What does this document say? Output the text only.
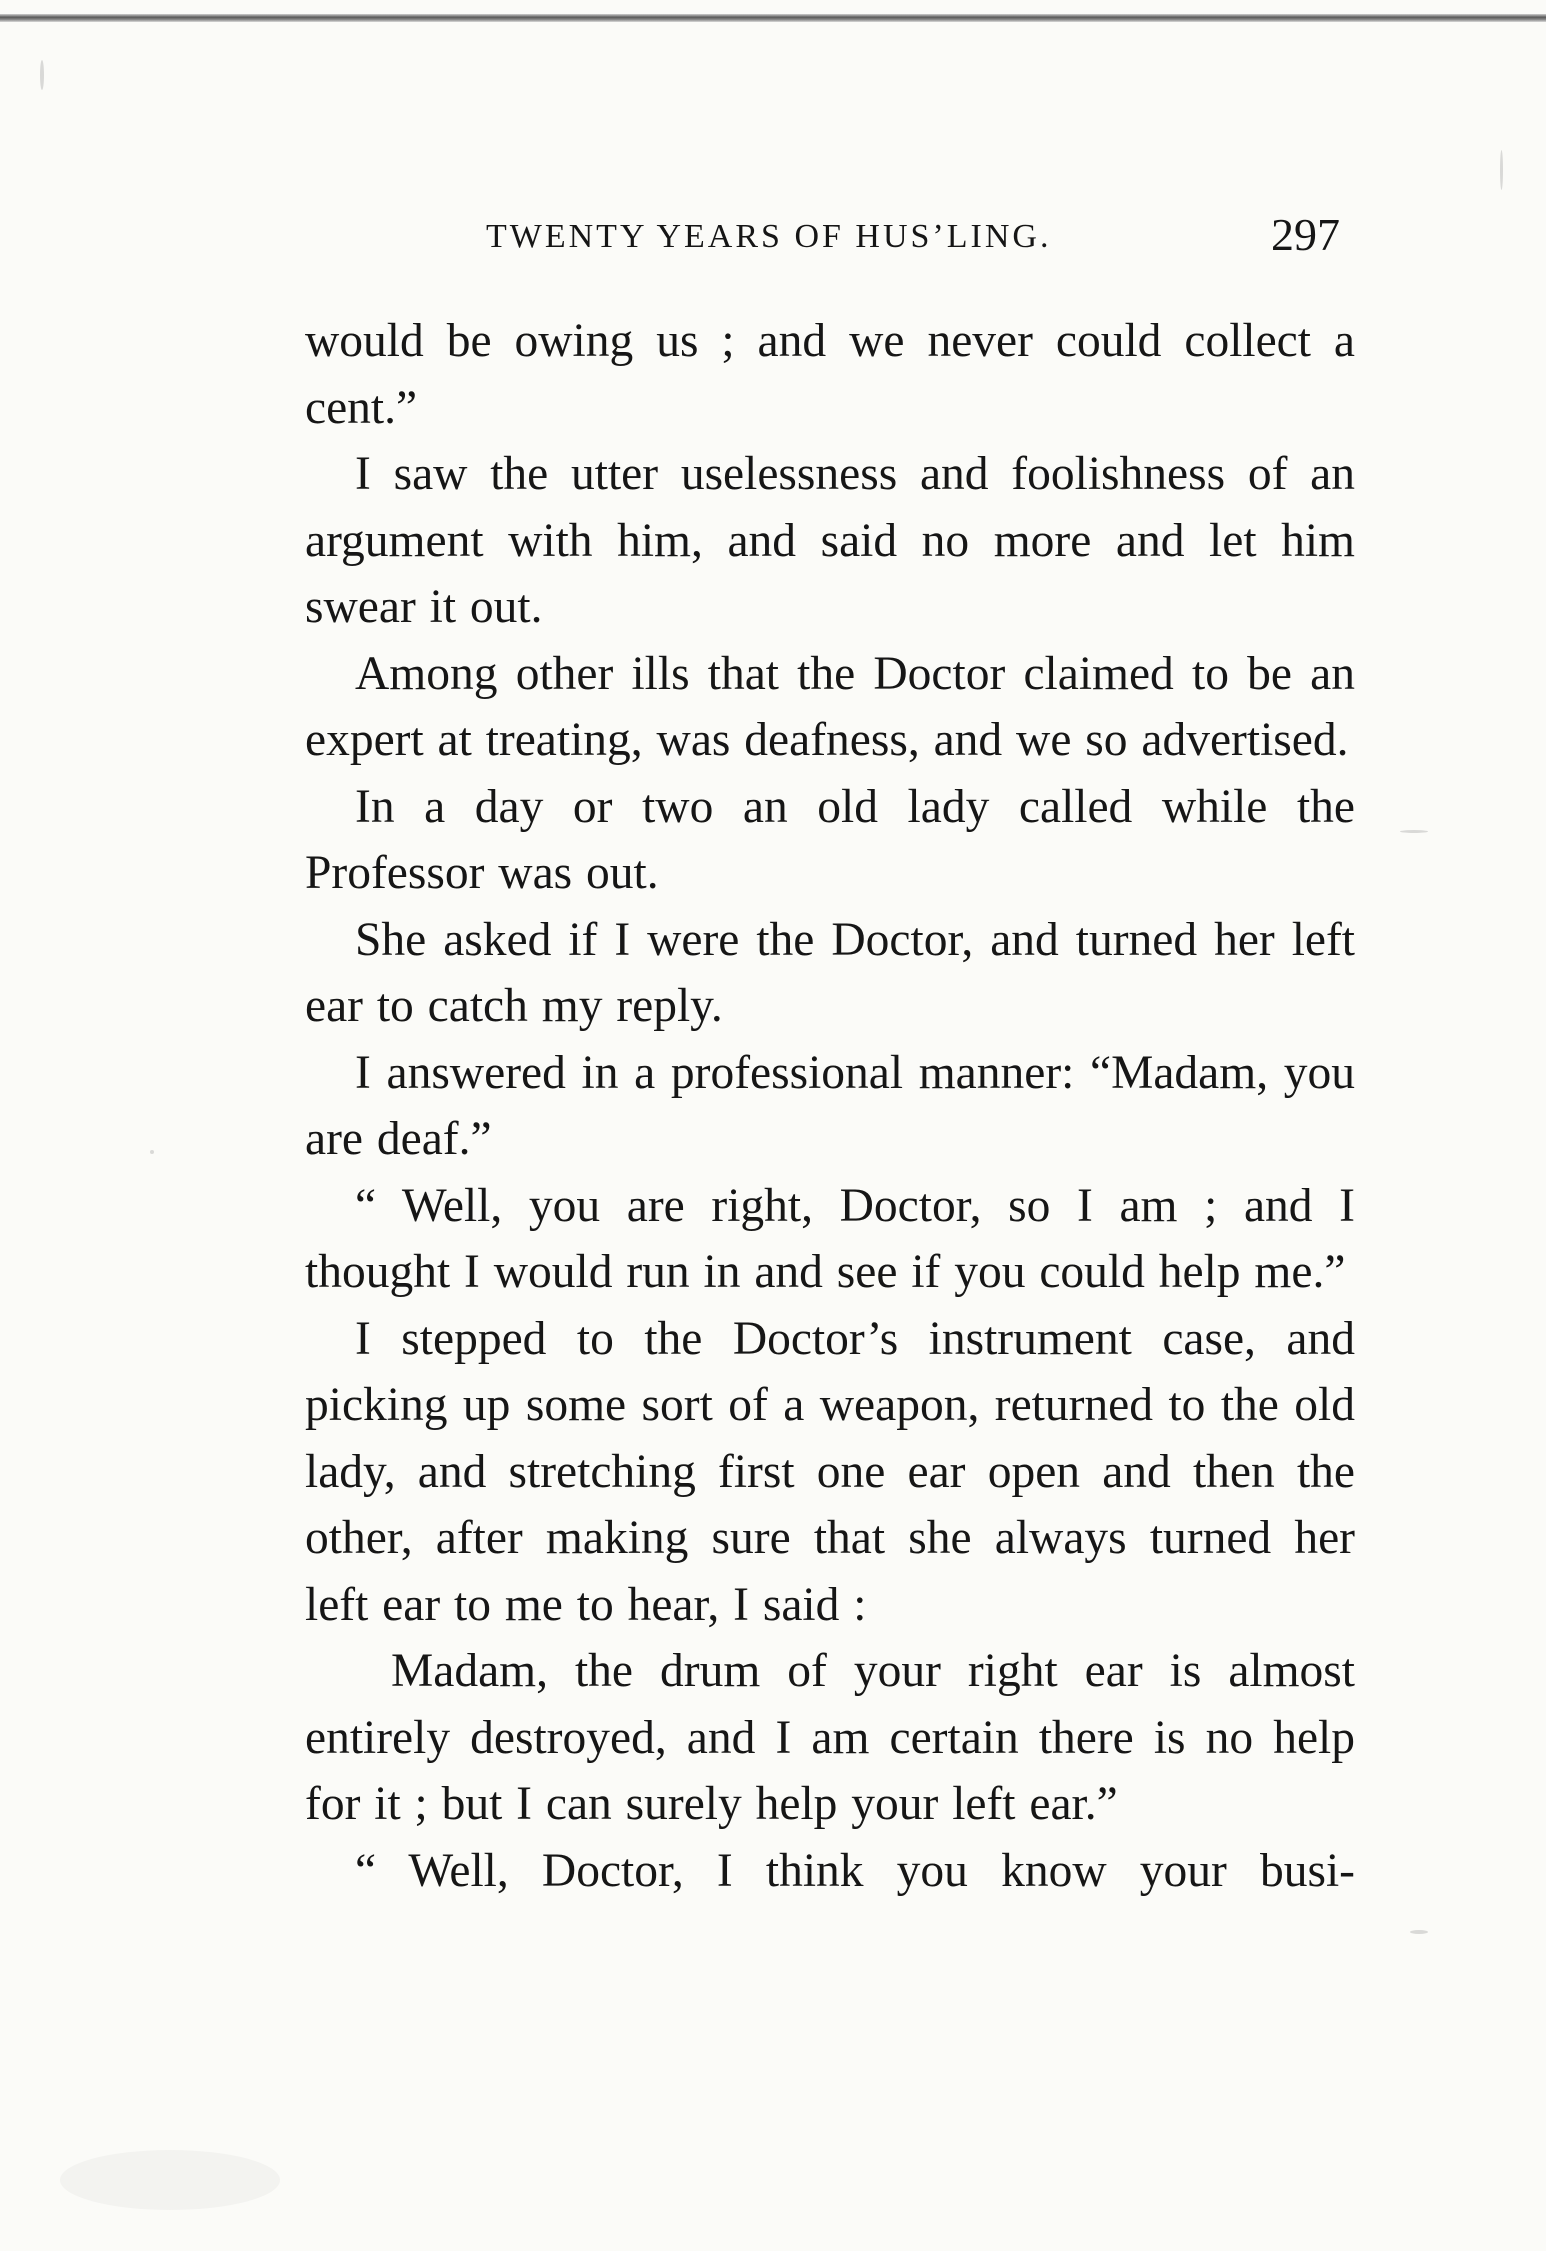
TWENTY YEARS OF HUS’LING.	297

would be owing us ; and we never could collect a cent.”

I saw the utter uselessness and foolishness of an argument with him, and said no more and let him swear it out.

Among other ills that the Doctor claimed to be an expert at treating, was deafness, and we so advertised.

In a day or two an old lady called while the Professor was out.

She asked if I were the Doctor, and turned her left ear to catch my reply.

I answered in a professional manner: “Madam, you are deaf.”

“ Well, you are right, Doctor, so I am ; and I thought I would run in and see if you could help me.”

I stepped to the Doctor’s instrument case, and picking up some sort of a weapon, returned to the old lady, and stretching first one ear open and then the other, after making sure that she always turned her left ear to me to hear, I said :

Madam, the drum of your right ear is almost entirely destroyed, and I am certain there is no help for it ; but I can surely help your left ear.”

“ Well, Doctor, I think you know your busi-
